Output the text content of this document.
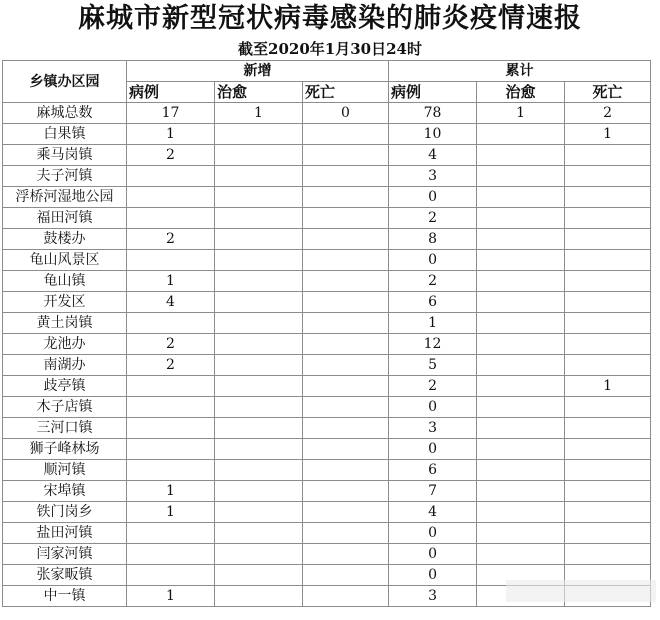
麻城市新型冠状病毒感染的肺炎疫情速报
截至2020年1月30日24时
乡镇办区园	新增			累计		
	病例	治愈	死亡	病例	治愈	死亡
麻城总数	17	1	0	78	1	2
白果镇	1			10		1
乘马岗镇	2			4		
夫子河镇				3		
浮桥河湿地公园				0		
福田河镇				2		
鼓楼办	2			8		
龟山风景区				0		
龟山镇	1			2		
开发区	4			6		
黄土岗镇				1		
龙池办	2			12		
南湖办	2			5		
歧亭镇				2		1
木子店镇				0		
三河口镇				3		
狮子峰林场				0		
顺河镇				6		
宋埠镇	1			7		
铁门岗乡	1			4		
盐田河镇				0		
闫家河镇				0		
张家畈镇				0		
中一镇	1			3		
